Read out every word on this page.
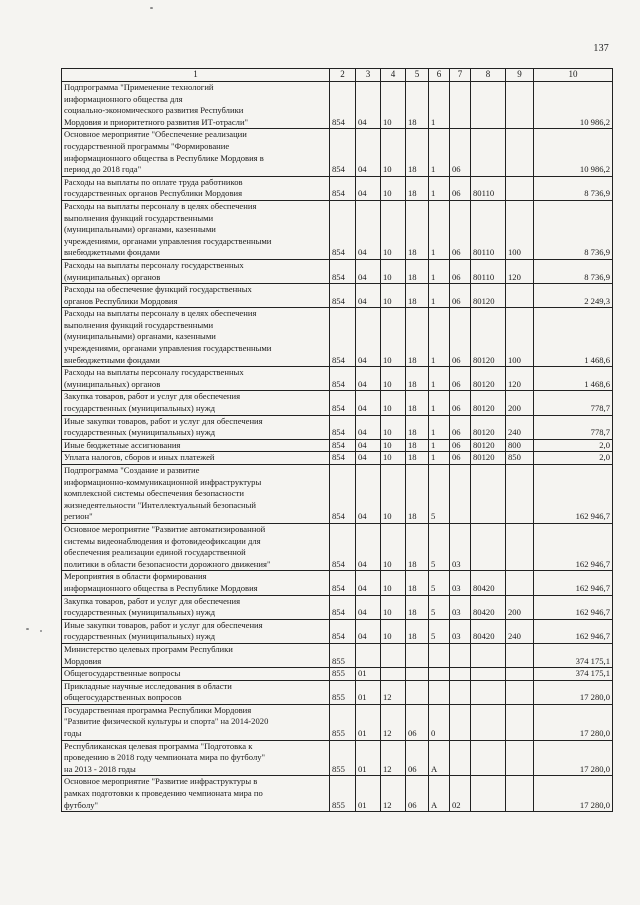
137
1	2	3	4	5	6	7	8	9	10

Подпрограмма "Применение технологий
информационного общества для
социально-экономического развития Республики
Мордовия и приоритетного развития ИТ-отрасли"	854	04	10	18	1				10 986,2

Основное мероприятие "Обеспечение реализации
государственной программы "Формирование
информационного общества в Республике Мордовия в
период до 2018 года"	854	04	10	18	1	06			10 986,2

Расходы на выплаты по оплате труда работников
государственных органов Республики Мордовия	854	04	10	18	1	06	80110		8 736,9

Расходы на выплаты персоналу в целях обеспечения
выполнения функций государственными
(муниципальными) органами, казенными
учреждениями, органами управления государственными
внебюджетными фондами	854	04	10	18	1	06	80110	100	8 736,9

Расходы на выплаты персоналу государственных
(муниципальных) органов	854	04	10	18	1	06	80110	120	8 736,9

Расходы на обеспечение функций государственных
органов Республики Мордовия	854	04	10	18	1	06	80120		2 249,3

Расходы на выплаты персоналу в целях обеспечения
выполнения функций государственными
(муниципальными) органами, казенными
учреждениями, органами управления государственными
внебюджетными фондами	854	04	10	18	1	06	80120	100	1 468,6

Расходы на выплаты персоналу государственных
(муниципальных) органов	854	04	10	18	1	06	80120	120	1 468,6

Закупка товаров, работ и услуг для обеспечения
государственных (муниципальных) нужд	854	04	10	18	1	06	80120	200	778,7

Иные закупки товаров, работ и услуг для обеспечения
государственных (муниципальных) нужд	854	04	10	18	1	06	80120	240	778,7

Иные бюджетные ассигнования	854	04	10	18	1	06	80120	800	2,0

Уплата налогов, сборов и иных платежей	854	04	10	18	1	06	80120	850	2,0

Подпрограмма "Создание и развитие
информационно-коммуникационной инфраструктуры
комплексной системы обеспечения безопасности
жизнедеятельности "Интеллектуальный безопасный
регион"	854	04	10	18	5				162 946,7

Основное мероприятие "Развитие автоматизированной
системы видеонаблюдения и фотовидеофиксации для
обеспечения реализации единой государственной
политики в области безопасности дорожного движения"	854	04	10	18	5	03			162 946,7

Мероприятия в области формирования
информационного общества в Республике Мордовия	854	04	10	18	5	03	80420		162 946,7

Закупка товаров, работ и услуг для обеспечения
государственных (муниципальных) нужд	854	04	10	18	5	03	80420	200	162 946,7

Иные закупки товаров, работ и услуг для обеспечения
государственных (муниципальных) нужд	854	04	10	18	5	03	80420	240	162 946,7

Министерство целевых программ Республики
Мордовия	855								374 175,1

Общегосударственные вопросы	855	01							374 175,1

Прикладные научные исследования в области
общегосударственных вопросов	855	01	12						17 280,0

Государственная программа Республики Мордовия
"Развитие физической культуры и спорта" на 2014-2020
годы	855	01	12	06	0				17 280,0

Республиканская целевая программа "Подготовка к
проведению в 2018 году чемпионата мира по футболу"
на 2013 - 2018 годы	855	01	12	06	А				17 280,0

Основное мероприятие "Развитие инфраструктуры в
рамках подготовки к проведению чемпионата мира по
футболу"	855	01	12	06	А	02			17 280,0
